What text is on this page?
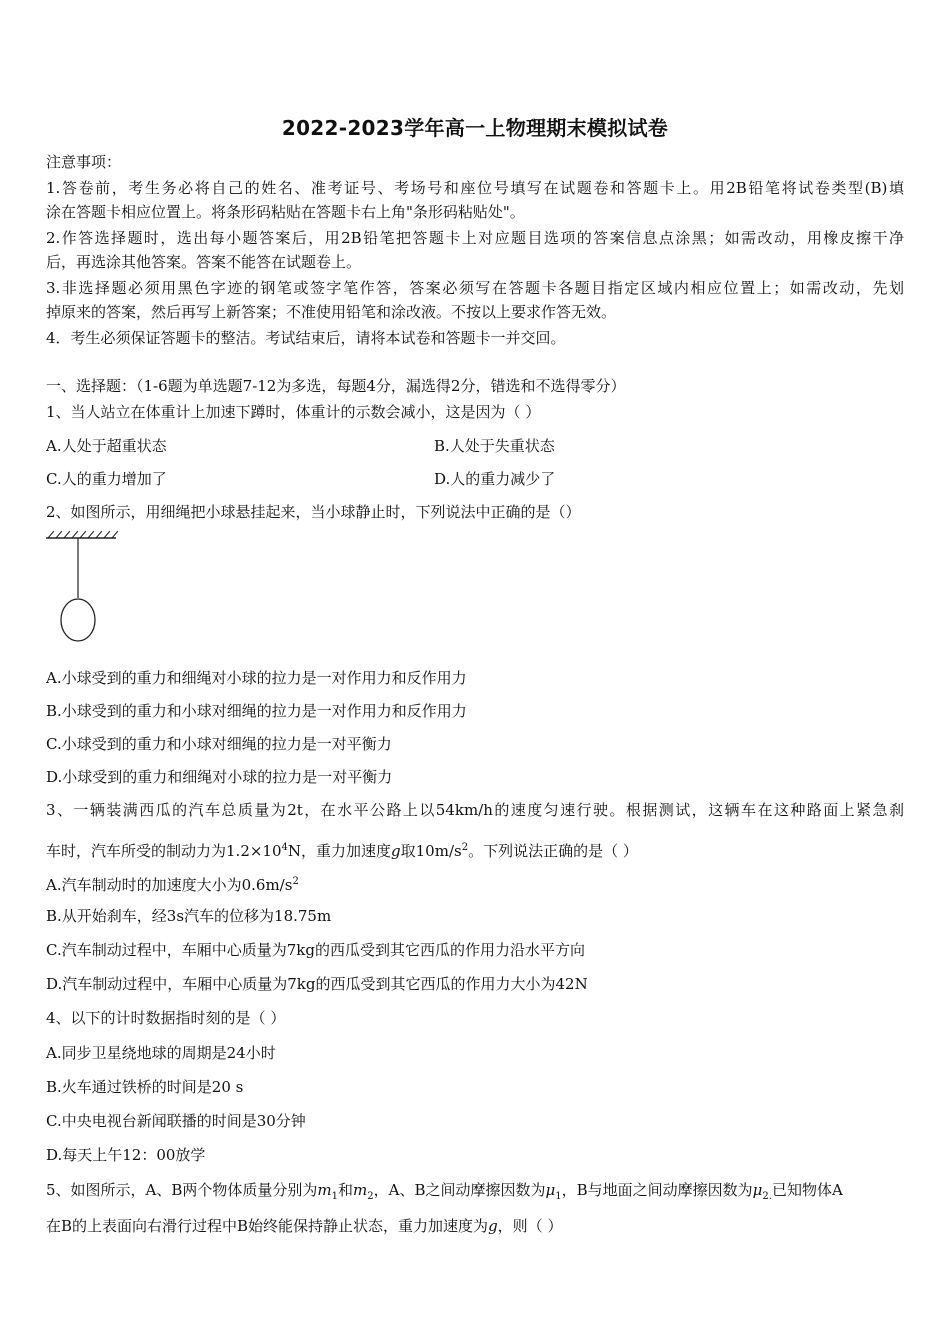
2022-2023学年高一上物理期末模拟试卷
注意事项：
1.答卷前，考生务必将自己的姓名、准考证号、考场号和座位号填写在试题卷和答题卡上。用2B铅笔将试卷类型(B)填
涂在答题卡相应位置上。将条形码粘贴在答题卡右上角"条形码粘贴处"。
2.作答选择题时，选出每小题答案后，用2B铅笔把答题卡上对应题目选项的答案信息点涂黑；如需改动，用橡皮擦干净
后，再选涂其他答案。答案不能答在试题卷上。
3.非选择题必须用黑色字迹的钢笔或签字笔作答，答案必须写在答题卡各题目指定区域内相应位置上；如需改动，先划
掉原来的答案，然后再写上新答案；不准使用铅笔和涂改液。不按以上要求作答无效。
4．考生必须保证答题卡的整洁。考试结束后，请将本试卷和答题卡一并交回。
一、选择题：（1-6题为单选题7-12为多选，每题4分，漏选得2分，错选和不选得零分）
1、当人站立在体重计上加速下蹲时，体重计的示数会减小，这是因为（ ）
A.人处于超重状态	B.人处于失重状态
C.人的重力增加了	D.人的重力减少了
2、如图所示，用细绳把小球悬挂起来，当小球静止时，下列说法中正确的是（）
A.小球受到的重力和细绳对小球的拉力是一对作用力和反作用力
B.小球受到的重力和小球对细绳的拉力是一对作用力和反作用力
C.小球受到的重力和小球对细绳的拉力是一对平衡力
D.小球受到的重力和细绳对小球的拉力是一对平衡力
3、一辆装满西瓜的汽车总质量为2t，在水平公路上以54km/h的速度匀速行驶。根据测试，这辆车在这种路面上紧急刹
车时，汽车所受的制动力为$1.2\times 10^4N$，重力加速度g取$10m/s^2$。下列说法正确的是（ ）
A.汽车制动时的加速度大小为$0.6m/s^2$
B.从开始刹车，经3s汽车的位移为18.75m
C.汽车制动过程中，车厢中心质量为7kg的西瓜受到其它西瓜的作用力沿水平方向
D.汽车制动过程中，车厢中心质量为7kg的西瓜受到其它西瓜的作用力大小为42N
4、以下的计时数据指时刻的是（ ）
A.同步卫星绕地球的周期是24小时
B.火车通过铁桥的时间是20 s
C.中央电视台新闻联播的时间是30分钟
D.每天上午12：00放学
5、如图所示，A、B两个物体质量分别为$m_1$和$m_2$，A、B之间动摩擦因数为$\mu_1$，B与地面之间动摩擦因数为$\mu_{2.}$已知物体A
在B的上表面向右滑行过程中B始终能保持静止状态，重力加速度为g，则（ ）
